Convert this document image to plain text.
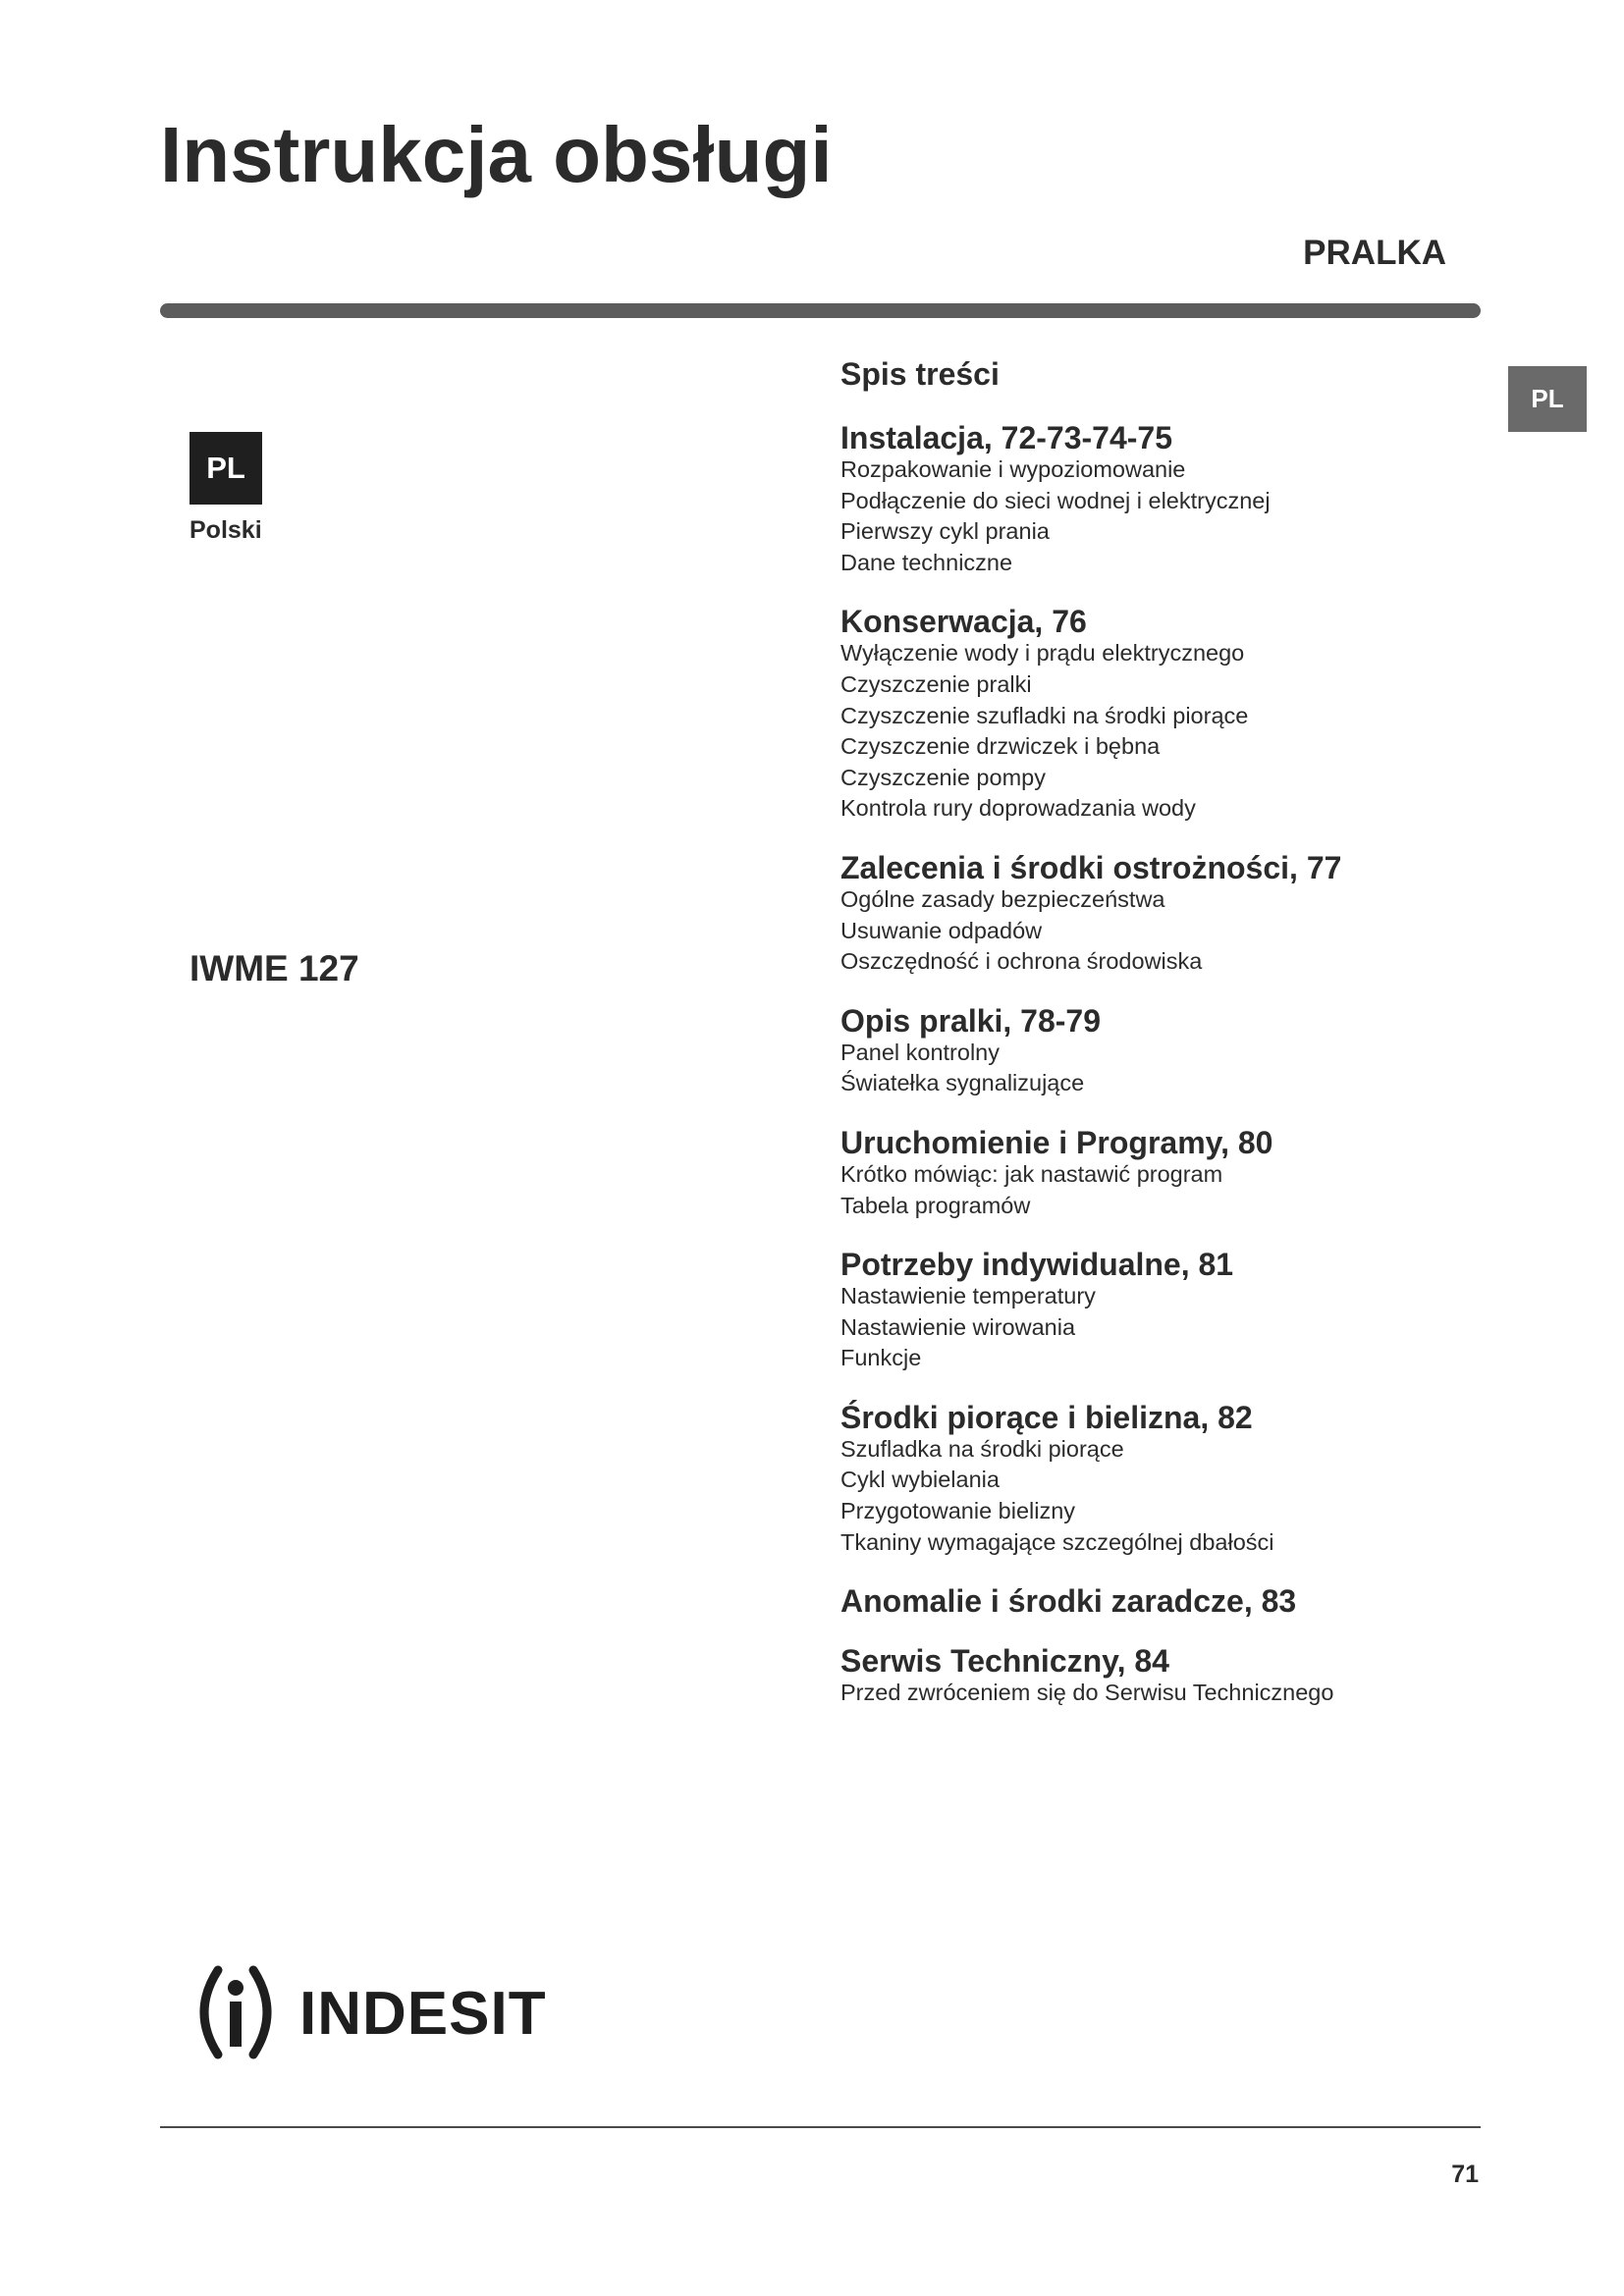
Instrukcja obsługi
PRALKA
PL
PL
Polski
IWME 127
Spis treści
Instalacja, 72-73-74-75
Rozpakowanie i wypoziomowanie
Podłączenie do sieci wodnej i elektrycznej
Pierwszy cykl prania
Dane techniczne
Konserwacja, 76
Wyłączenie wody i prądu elektrycznego
Czyszczenie pralki
Czyszczenie szufladki na środki piorące
Czyszczenie drzwiczek i bębna
Czyszczenie pompy
Kontrola rury doprowadzania wody
Zalecenia i środki ostrożności, 77
Ogólne zasady bezpieczeństwa
Usuwanie odpadów
Oszczędność i ochrona środowiska
Opis pralki, 78-79
Panel kontrolny
Światełka sygnalizujące
Uruchomienie i Programy, 80
Krótko mówiąc: jak nastawić program
Tabela programów
Potrzeby indywidualne, 81
Nastawienie temperatury
Nastawienie wirowania
Funkcje
Środki piorące i bielizna, 82
Szufladka na środki piorące
Cykl wybielania
Przygotowanie bielizny
Tkaniny wymagające szczególnej dbałości
Anomalie i środki zaradcze, 83
Serwis Techniczny, 84
Przed zwróceniem się do Serwisu Technicznego
INDESIT
71
